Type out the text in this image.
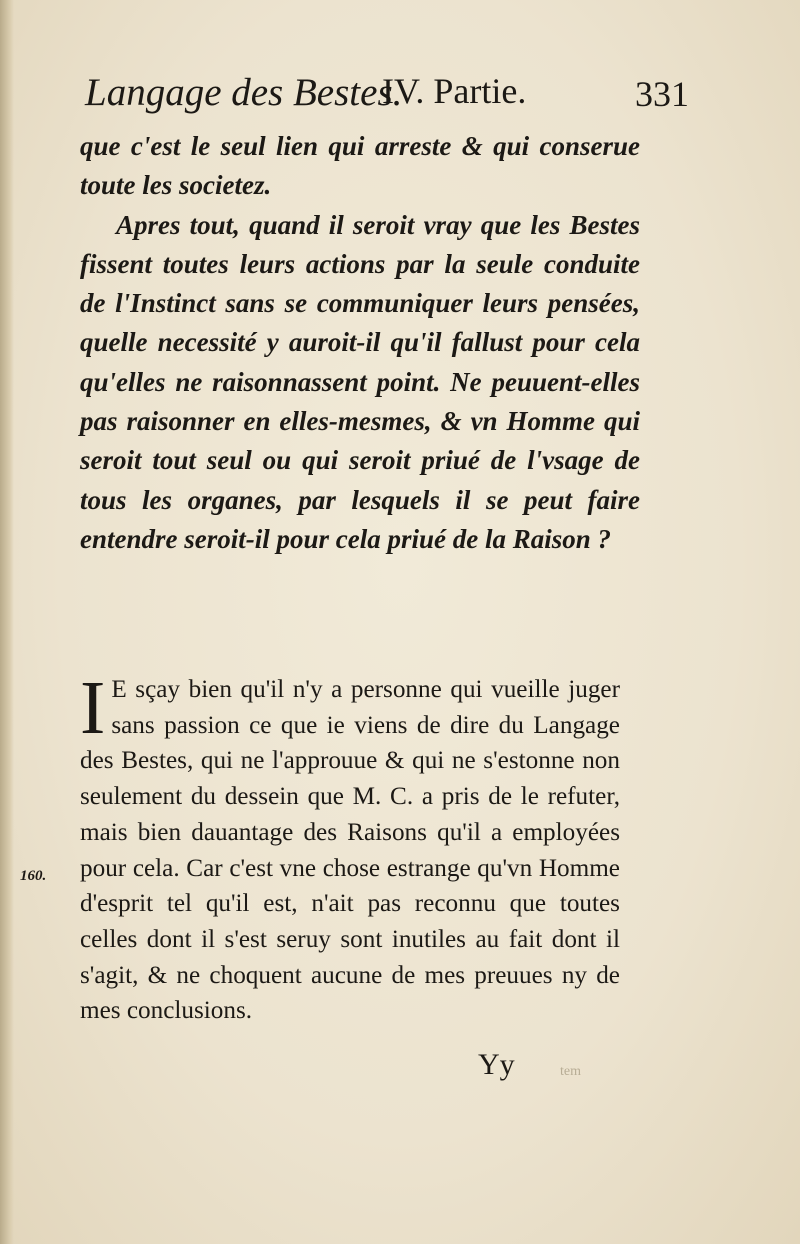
Langage des Bestes.
IV. Partie.	331

que c'est le seul lien qui arreste & qui conserue toute les societez.

Apres tout, quand il seroit vray que les Bestes fissent toutes leurs actions par la seule conduite de l'Instinct sans se communiquer leurs pensées, quelle necessité y auroit-il qu'il fallust pour cela qu'elles ne raisonnassent point. Ne peuuent-elles pas raisonner en elles-mesmes, & vn Homme qui seroit tout seul ou qui seroit priué de l'vsage de tous les organes, par lesquels il se peut faire entendre seroit-il pour cela priué de la Raison ?

I E sçay bien qu'il n'y a personne qui vueille juger sans passion ce que ie viens de dire du Langage des Bestes, qui ne l'approuue & qui ne s'estonne non seulement du dessein que M. C. a pris de le refuter, mais bien dauantage des Raisons qu'il a employées pour cela. Car c'est vne chose estrange qu'vn Homme d'esprit tel qu'il est, n'ait pas reconnu que toutes celles dont il s'est seruy sont inutiles au fait dont il s'agit, & ne choquent aucune de mes preuues ny de mes conclusions.
160.
Yy	tem
